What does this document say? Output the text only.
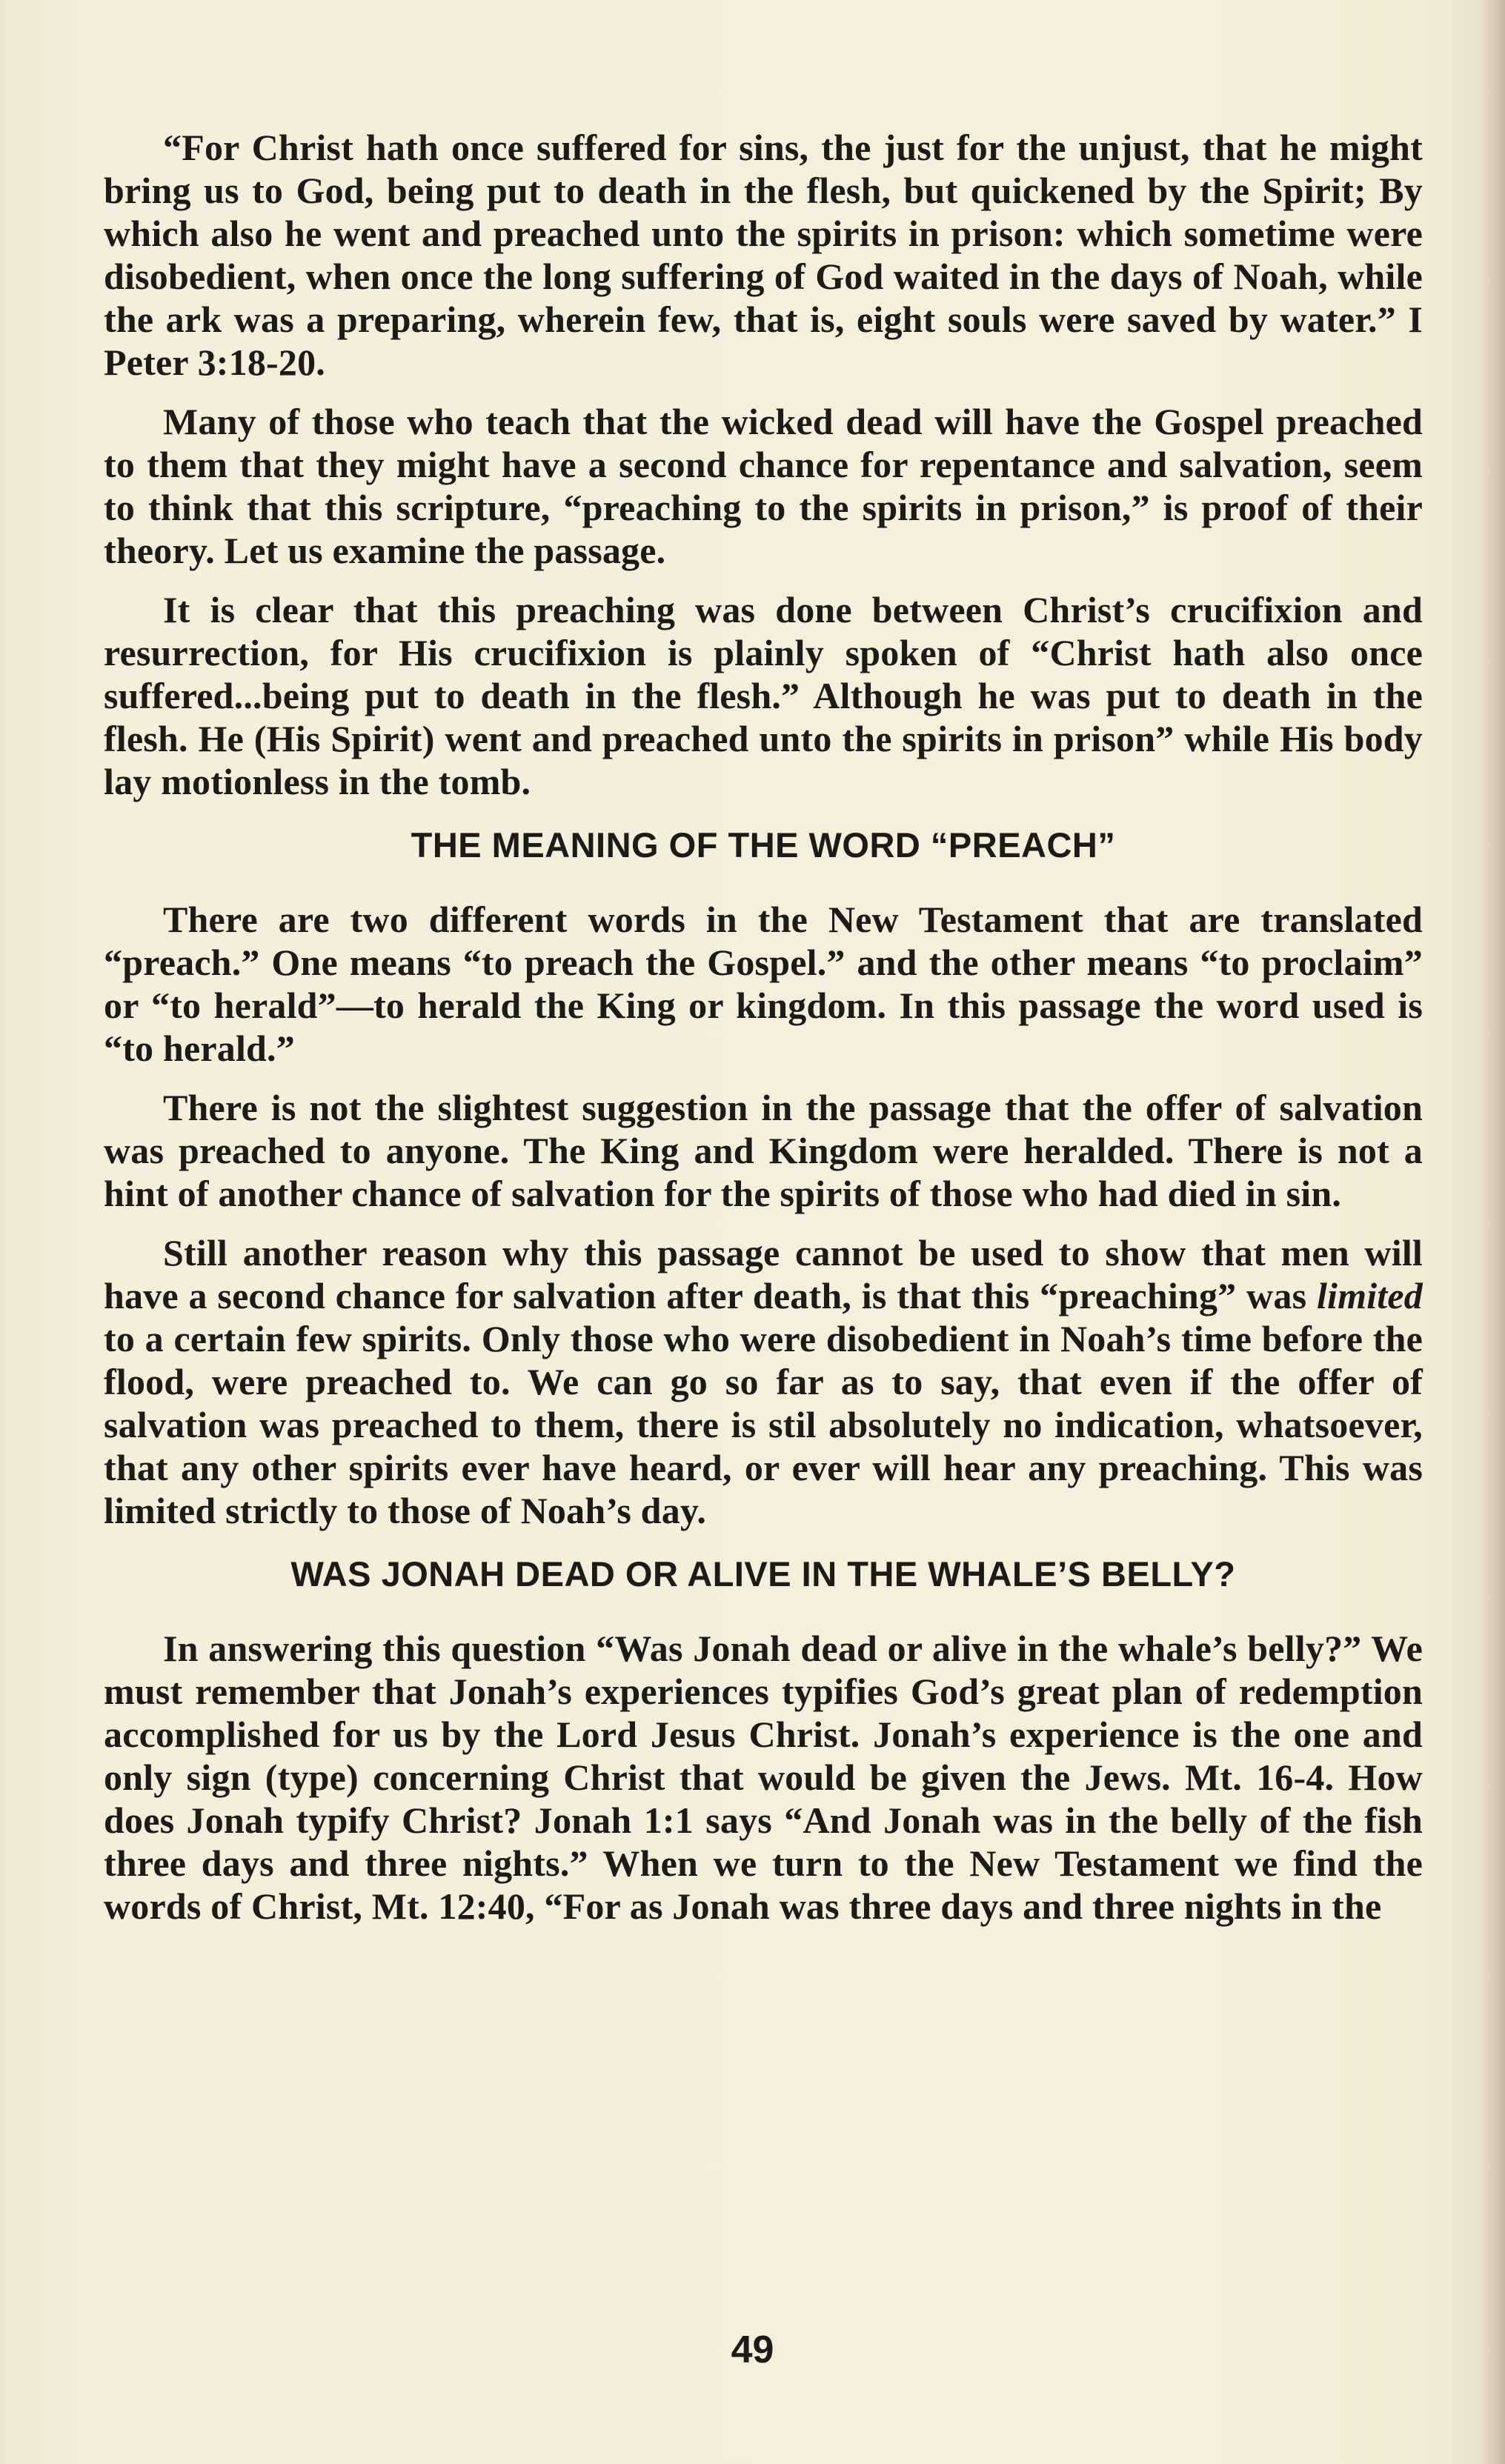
“For Christ hath once suffered for sins, the just for the unjust, that he might bring us to God, being put to death in the flesh, but quickened by the Spirit; By which also he went and preached unto the spirits in prison: which sometime were disobedient, when once the long suffering of God waited in the days of Noah, while the ark was a preparing, wherein few, that is, eight souls were saved by water.” I Peter 3:18-20.

Many of those who teach that the wicked dead will have the Gospel preached to them that they might have a second chance for repentance and salvation, seem to think that this scripture, “preaching to the spirits in prison,” is proof of their theory. Let us examine the passage.

It is clear that this preaching was done between Christ’s crucifixion and resurrection, for His crucifixion is plainly spoken of “Christ hath also once suffered...being put to death in the flesh.” Although he was put to death in the flesh. He (His Spirit) went and preached unto the spirits in prison” while His body lay motionless in the tomb.

THE MEANING OF THE WORD “PREACH”

There are two different words in the New Testament that are translated “preach.” One means “to preach the Gospel.” and the other means “to proclaim” or “to herald”—to herald the King or kingdom. In this passage the word used is “to herald.”

There is not the slightest suggestion in the passage that the offer of salvation was preached to anyone. The King and Kingdom were heralded. There is not a hint of another chance of salvation for the spirits of those who had died in sin.

Still another reason why this passage cannot be used to show that men will have a second chance for salvation after death, is that this “preaching” was limited to a certain few spirits. Only those who were disobedient in Noah’s time before the flood, were preached to. We can go so far as to say, that even if the offer of salvation was preached to them, there is stil absolutely no indication, whatsoever, that any other spirits ever have heard, or ever will hear any preaching. This was limited strictly to those of Noah’s day.

WAS JONAH DEAD OR ALIVE IN THE WHALE’S BELLY?

In answering this question “Was Jonah dead or alive in the whale’s belly?” We must remember that Jonah’s experiences typifies God’s great plan of redemption accomplished for us by the Lord Jesus Christ. Jonah’s experience is the one and only sign (type) concerning Christ that would be given the Jews. Mt. 16-4. How does Jonah typify Christ? Jonah 1:1 says “And Jonah was in the belly of the fish three days and three nights.” When we turn to the New Testament we find the words of Christ, Mt. 12:40, “For as Jonah was three days and three nights in the

49
